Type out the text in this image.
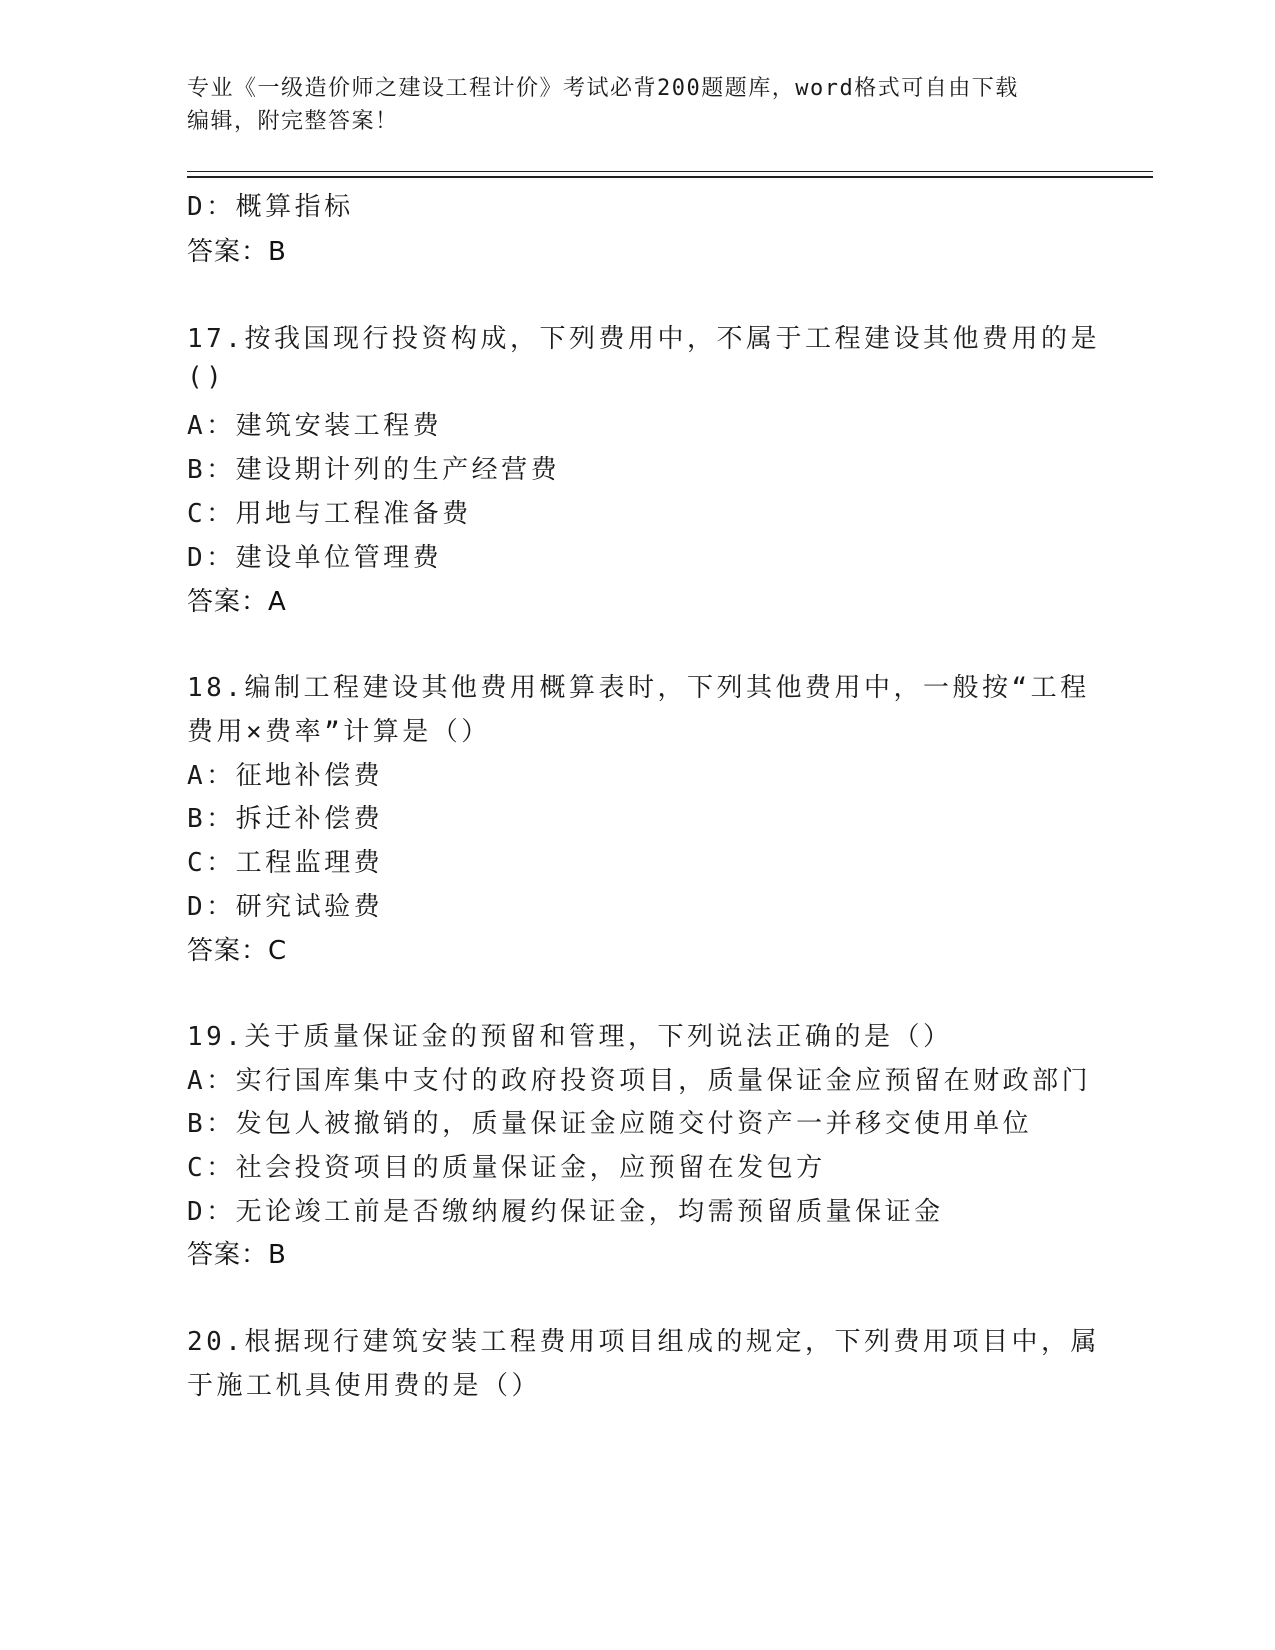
专业《一级造价师之建设工程计价》考试必背200题题库，word格式可自由下载
编辑，附完整答案！
D：概算指标
答案：B
17.按我国现行投资构成，下列费用中，不属于工程建设其他费用的是
()
A：建筑安装工程费
B：建设期计列的生产经营费
C：用地与工程准备费
D：建设单位管理费
答案：A
18.编制工程建设其他费用概算表时，下列其他费用中，一般按“工程
费用×费率”计算是（）
A：征地补偿费
B：拆迁补偿费
C：工程监理费
D：研究试验费
答案：C
19.关于质量保证金的预留和管理，下列说法正确的是（）
A：实行国库集中支付的政府投资项目，质量保证金应预留在财政部门
B：发包人被撤销的，质量保证金应随交付资产一并移交使用单位
C：社会投资项目的质量保证金，应预留在发包方
D：无论竣工前是否缴纳履约保证金，均需预留质量保证金
答案：B
20.根据现行建筑安装工程费用项目组成的规定，下列费用项目中，属
于施工机具使用费的是（）
